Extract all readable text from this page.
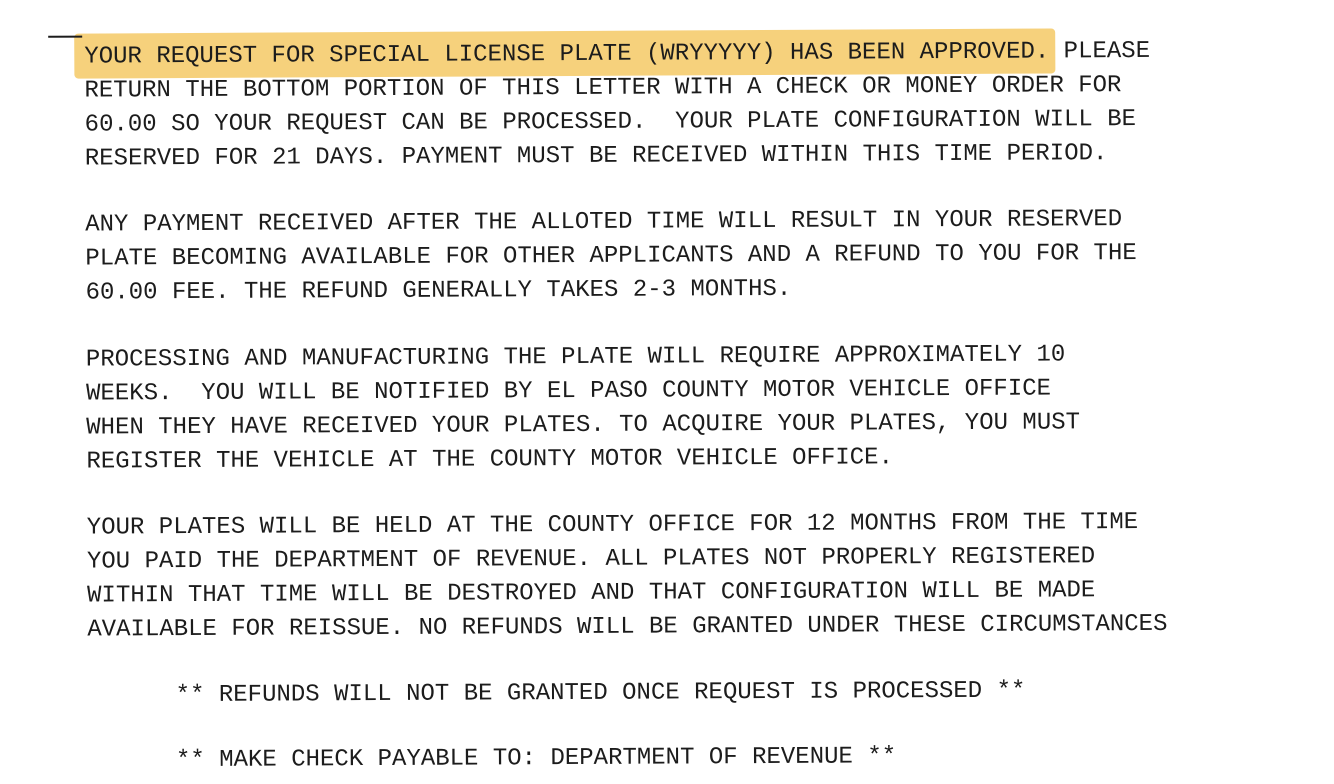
YOUR REQUEST FOR SPECIAL LICENSE PLATE (WRYYYYY) HAS BEEN APPROVED. PLEASE
RETURN THE BOTTOM PORTION OF THIS LETTER WITH A CHECK OR MONEY ORDER FOR
60.00 SO YOUR REQUEST CAN BE PROCESSED.  YOUR PLATE CONFIGURATION WILL BE
RESERVED FOR 21 DAYS. PAYMENT MUST BE RECEIVED WITHIN THIS TIME PERIOD.
ANY PAYMENT RECEIVED AFTER THE ALLOTED TIME WILL RESULT IN YOUR RESERVED
PLATE BECOMING AVAILABLE FOR OTHER APPLICANTS AND A REFUND TO YOU FOR THE
60.00 FEE. THE REFUND GENERALLY TAKES 2-3 MONTHS.
PROCESSING AND MANUFACTURING THE PLATE WILL REQUIRE APPROXIMATELY 10
WEEKS.  YOU WILL BE NOTIFIED BY EL PASO COUNTY MOTOR VEHICLE OFFICE
WHEN THEY HAVE RECEIVED YOUR PLATES. TO ACQUIRE YOUR PLATES, YOU MUST
REGISTER THE VEHICLE AT THE COUNTY MOTOR VEHICLE OFFICE.
YOUR PLATES WILL BE HELD AT THE COUNTY OFFICE FOR 12 MONTHS FROM THE TIME
YOU PAID THE DEPARTMENT OF REVENUE. ALL PLATES NOT PROPERLY REGISTERED
WITHIN THAT TIME WILL BE DESTROYED AND THAT CONFIGURATION WILL BE MADE
AVAILABLE FOR REISSUE. NO REFUNDS WILL BE GRANTED UNDER THESE CIRCUMSTANCES
** REFUNDS WILL NOT BE GRANTED ONCE REQUEST IS PROCESSED **
** MAKE CHECK PAYABLE TO: DEPARTMENT OF REVENUE **
